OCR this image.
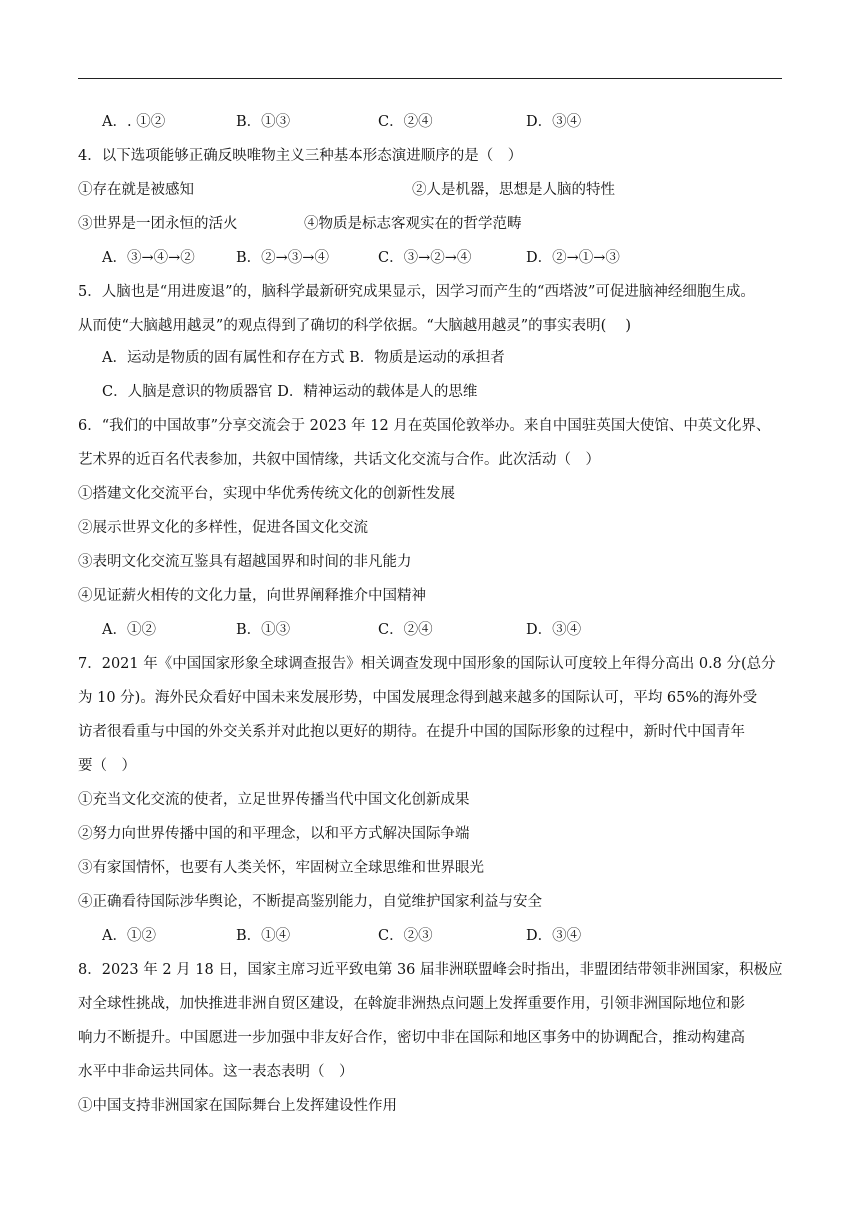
A．. ①②	B．①③	C．②④	D．③④
4．以下选项能够正确反映唯物主义三种基本形态演进顺序的是（　）
①存在就是被感知	②人是机器，思想是人脑的特性
③世界是一团永恒的活火	④物质是标志客观实在的哲学范畴
A．③→④→②	B．②→③→④	C．③→②→④	D．②→①→③
5．人脑也是“用进废退”的，脑科学最新研究成果显示，因学习而产生的“西塔波”可促进脑神经细胞生成。
从而使“大脑越用越灵”的观点得到了确切的科学依据。“大脑越用越灵”的事实表明(　 )
A．运动是物质的固有属性和存在方式 B．物质是运动的承担者
C．人脑是意识的物质器官 D．精神运动的载体是人的思维
6．“我们的中国故事”分享交流会于 2023 年 12 月在英国伦敦举办。来自中国驻英国大使馆、中英文化界、
艺术界的近百名代表参加，共叙中国情缘，共话文化交流与合作。此次活动（　）
①搭建文化交流平台，实现中华优秀传统文化的创新性发展
②展示世界文化的多样性，促进各国文化交流
③表明文化交流互鉴具有超越国界和时间的非凡能力
④见证薪火相传的文化力量，向世界阐释推介中国精神
A．①②	B．①③	C．②④	D．③④
7．2021 年《中国国家形象全球调查报告》相关调查发现中国形象的国际认可度较上年得分高出 0.8 分(总分
为 10 分)。海外民众看好中国未来发展形势，中国发展理念得到越来越多的国际认可，平均 65%的海外受
访者很看重与中国的外交关系并对此抱以更好的期待。在提升中国的国际形象的过程中，新时代中国青年
要（　）
①充当文化交流的使者，立足世界传播当代中国文化创新成果
②努力向世界传播中国的和平理念，以和平方式解决国际争端
③有家国情怀，也要有人类关怀，牢固树立全球思维和世界眼光
④正确看待国际涉华舆论，不断提高鉴别能力，自觉维护国家利益与安全
A．①②	B．①④	C．②③	D．③④
8．2023 年 2 月 18 日，国家主席习近平致电第 36 届非洲联盟峰会时指出，非盟团结带领非洲国家，积极应
对全球性挑战，加快推进非洲自贸区建设，在斡旋非洲热点问题上发挥重要作用，引领非洲国际地位和影
响力不断提升。中国愿进一步加强中非友好合作，密切中非在国际和地区事务中的协调配合，推动构建高
水平中非命运共同体。这一表态表明（　）
①中国支持非洲国家在国际舞台上发挥建设性作用
